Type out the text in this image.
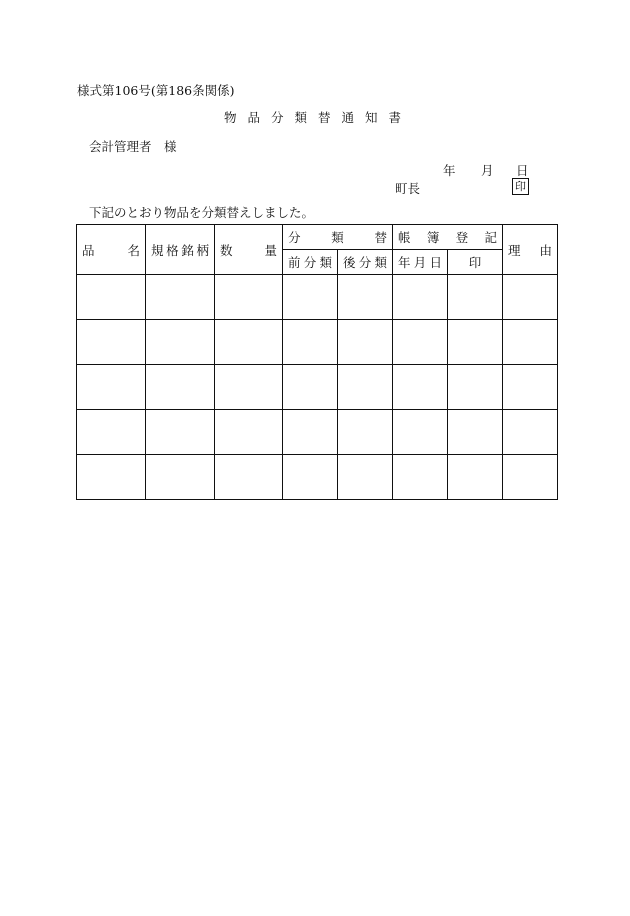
様式第106号(第186条関係)
物品分類替通知書
会計管理者　様
年 月 日
町長	印
下記のとおり物品を分類替えしました。
品 名	規 格 銘 柄	数 量	分 類 替		帳 簿 登 記		理 由

			前 分 類	後 分 類	年 月 日	印	
